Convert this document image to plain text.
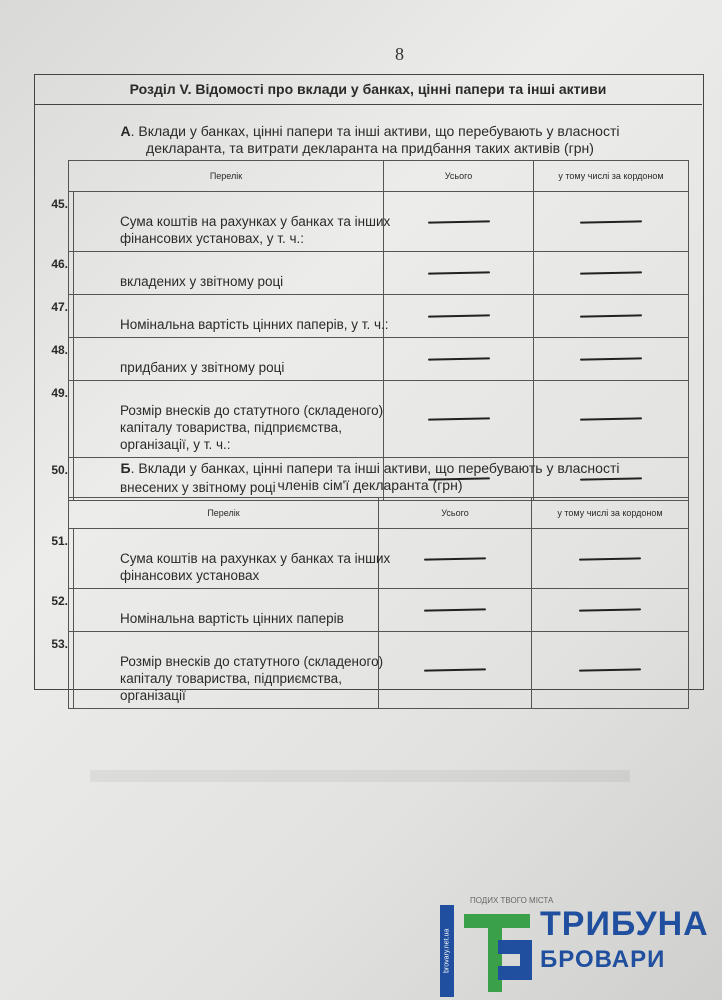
8
Розділ V. Відомості про вклади у банках, цінні папери та інші активи
А. Вклади у банках, цінні папери та інші активи, що перебувають у власності
декларанта, та витрати декларанта на придбання таких активів (грн)
Перелік		Усього	у тому числі за кордоном
	45.Сума коштів на рахунках у банках та інших фінансових установах, у т. ч.:	

	46.вкладених у звітному році	

	47.Номінальна вартість цінних паперів, у т. ч.:	

	48.придбаних у звітному році	

	49.Розмір внесків до статутного (складеного) капіталу товариства, підприємства, організації, у т. ч.:	

	50.внесених у звітному році	

Б. Вклади у банках, цінні папери та інші активи, що перебувають у власності
членів сім'ї декларанта (грн)
Перелік		Усього	у тому числі за кордоном
	51.Сума коштів на рахунках у банках та інших фінансових установах	

	52.Номінальна вартість цінних паперів	

	53.Розмір внесків до статутного (складеного) капіталу товариства, підприємства, організації	

ПОДИХ ТВОГО МІСТА
brovary.net.ua
ТРИБУНА
БРОВАРИ
